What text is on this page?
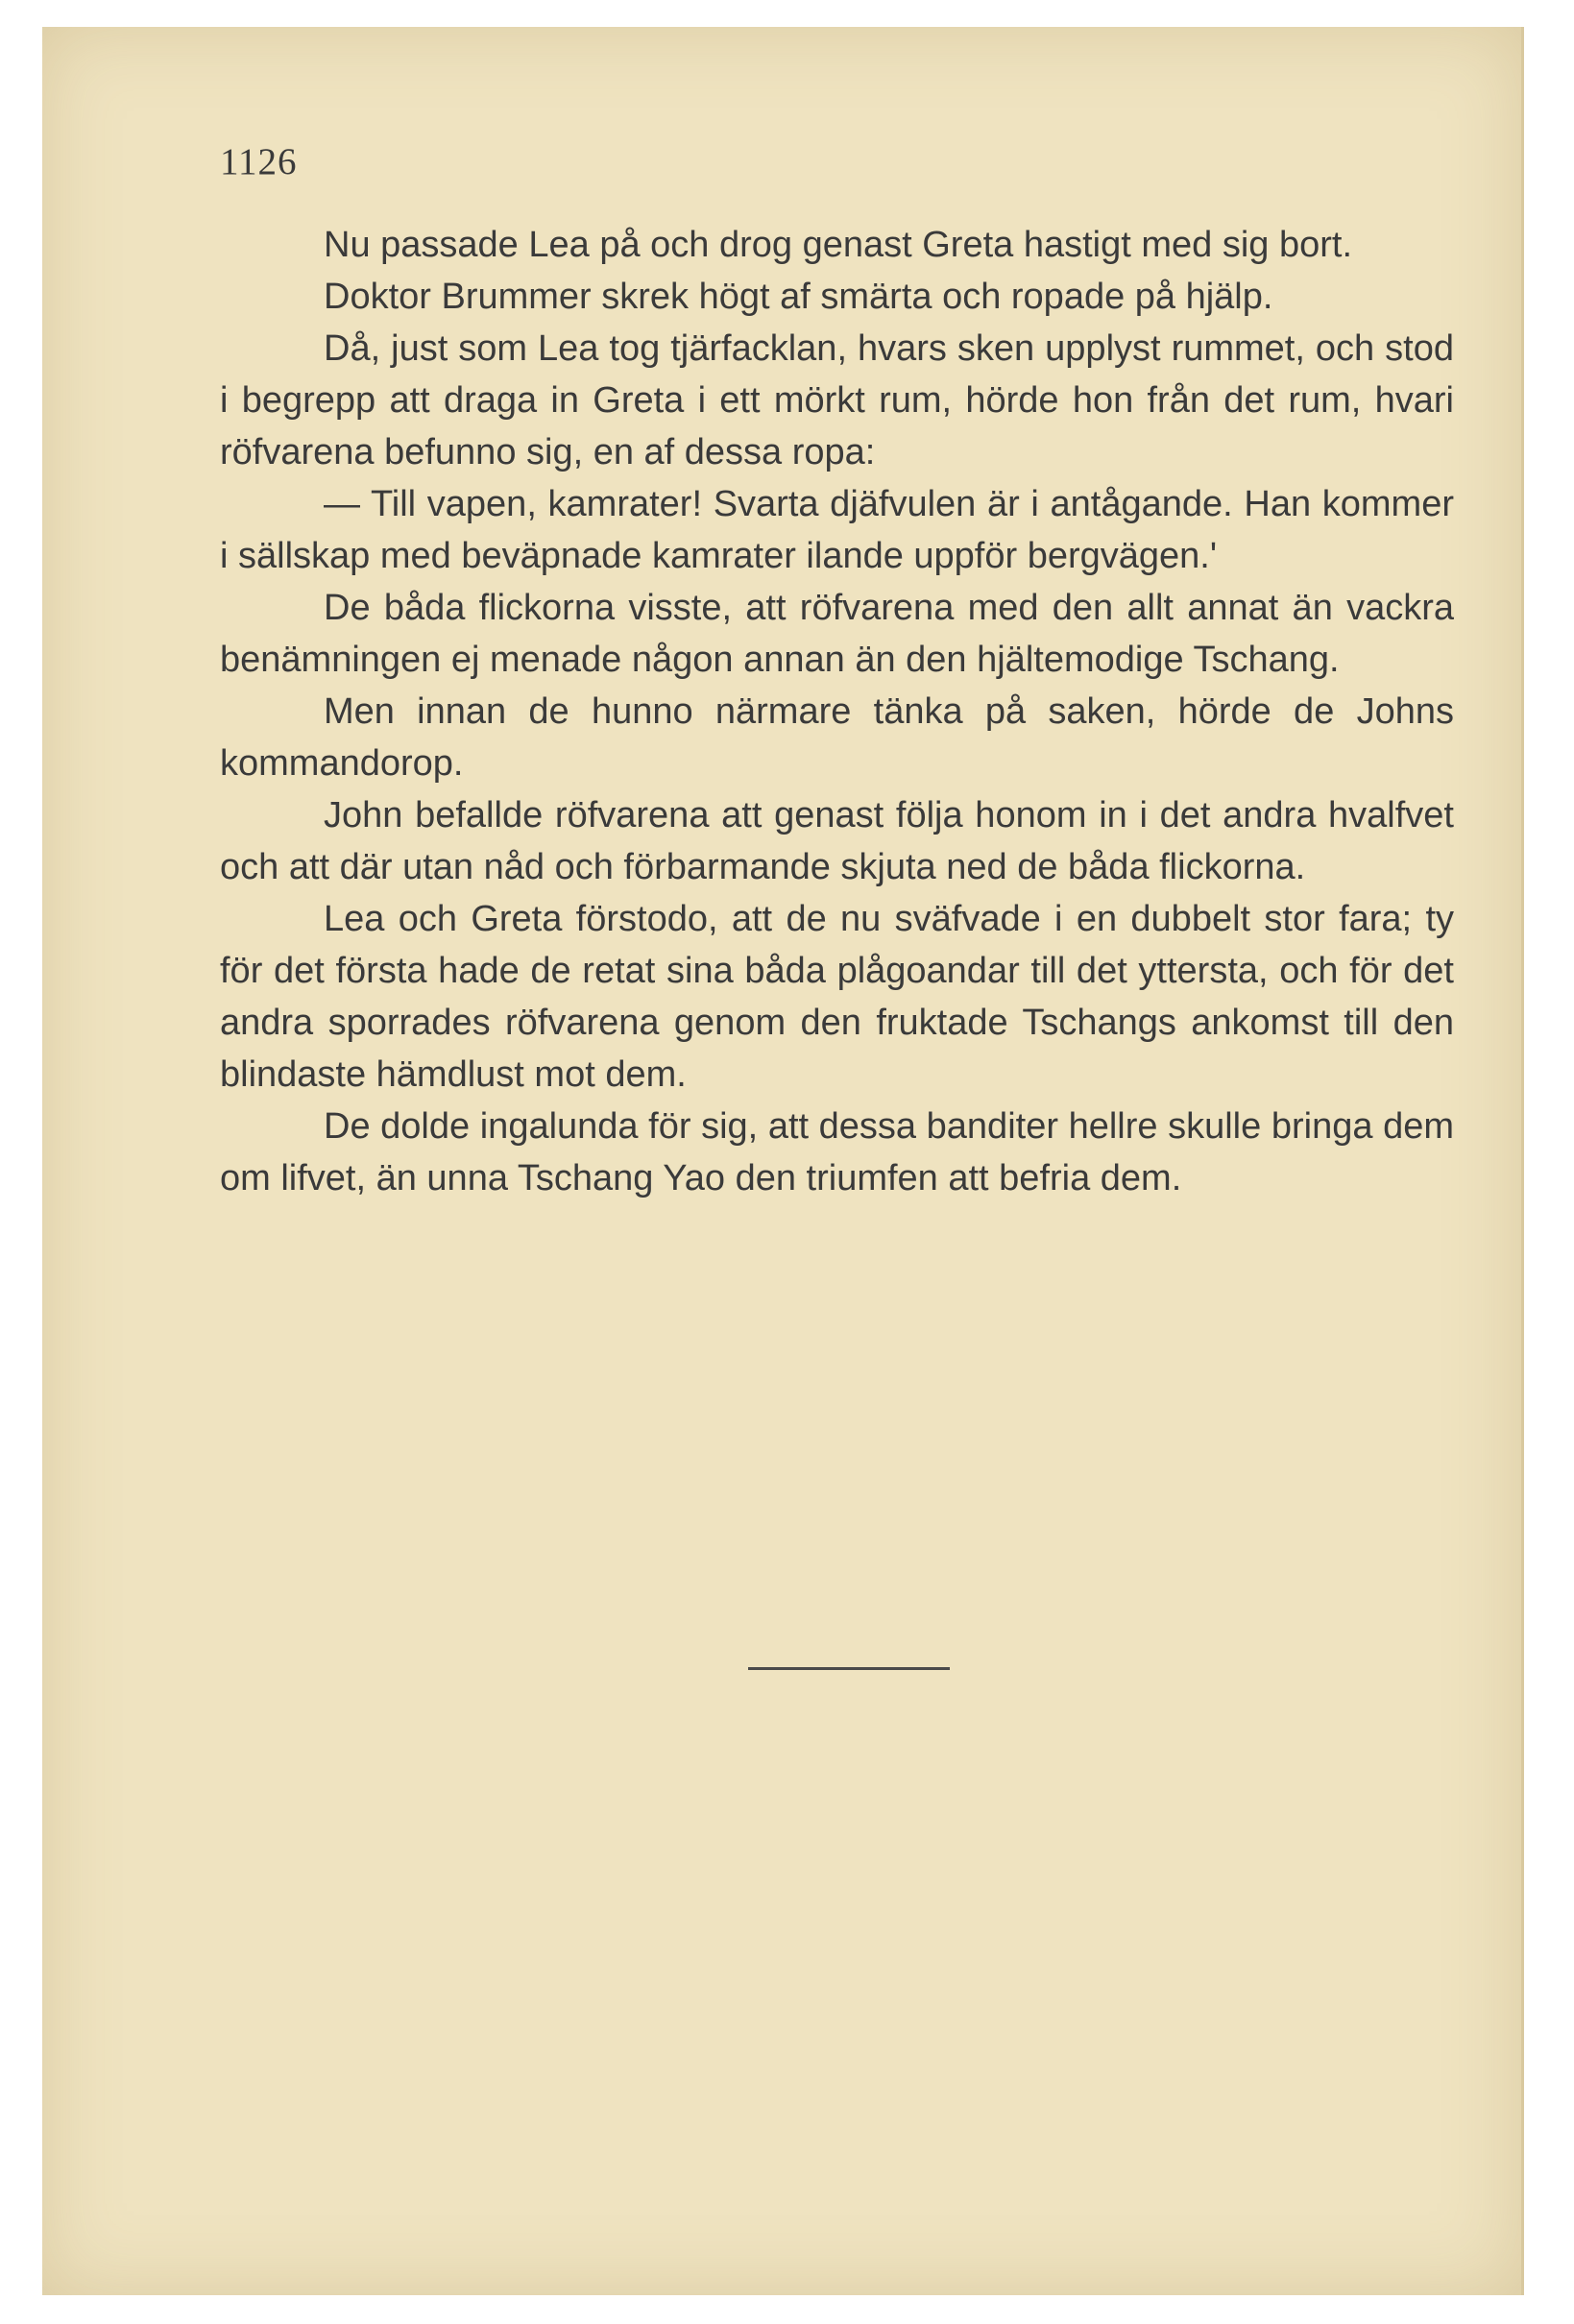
1126

Nu passade Lea på och drog genast Greta hastigt med sig bort.

Doktor Brummer skrek högt af smärta och ropade på hjälp.

Då, just som Lea tog tjärfacklan, hvars sken upplyst rummet, och stod i begrepp att draga in Greta i ett mörkt rum, hörde hon från det rum, hvari röfvarena befunno sig, en af dessa ropa:

— Till vapen, kamrater! Svarta djäfvulen är i antågande. Han kommer i sällskap med beväpnade kamrater ilande uppför bergvägen.'

De båda flickorna visste, att röfvarena med den allt annat än vackra benämningen ej menade någon annan än den hjältemodige Tschang.

Men innan de hunno närmare tänka på saken, hörde de Johns kommandorop.

John befallde röfvarena att genast följa honom in i det andra hvalfvet och att där utan nåd och förbarmande skjuta ned de båda flickorna.

Lea och Greta förstodo, att de nu sväfvade i en dubbelt stor fara; ty för det första hade de retat sina båda plågoandar till det yttersta, och för det andra sporrades röfvarena genom den fruktade Tschangs ankomst till den blindaste hämdlust mot dem.

De dolde ingalunda för sig, att dessa banditer hellre skulle bringa dem om lifvet, än unna Tschang Yao den triumfen att befria dem.
